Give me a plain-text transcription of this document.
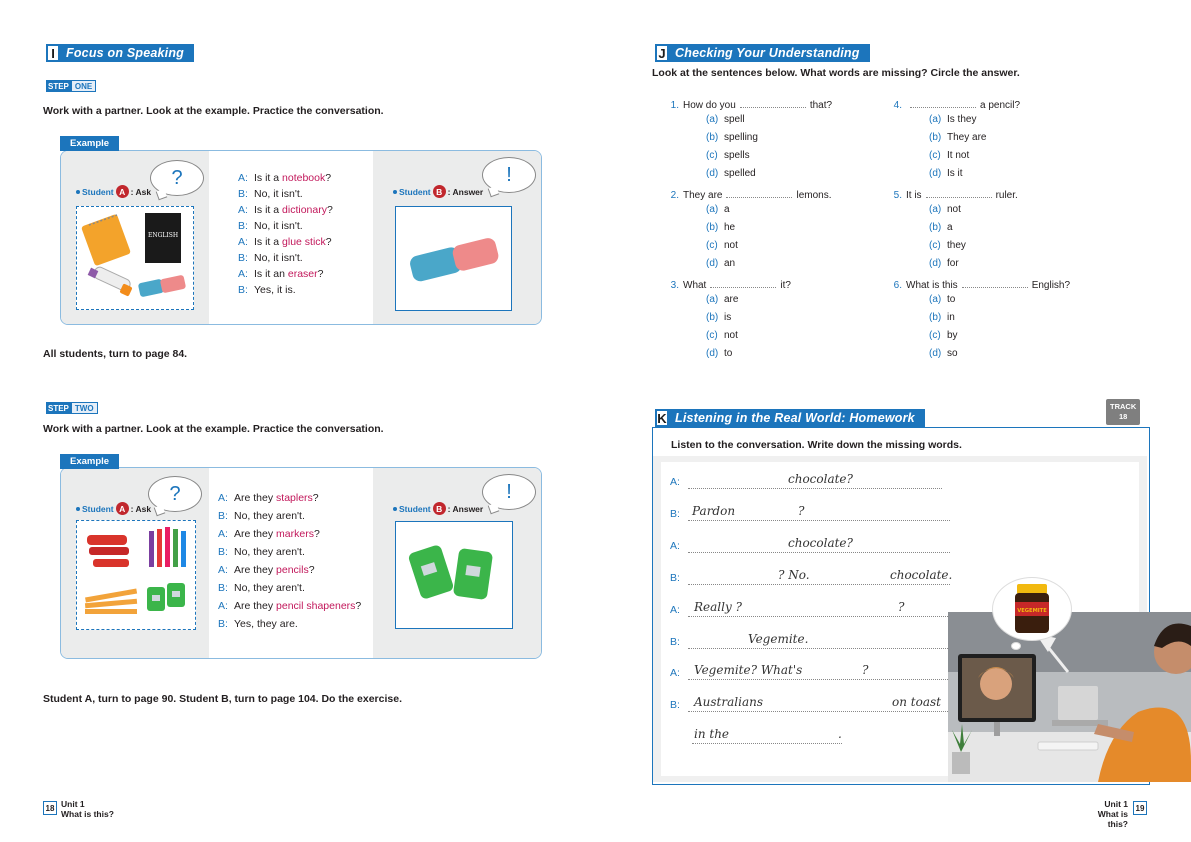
I Focus on Speaking
STEP ONE
Work with a partner. Look at the example. Practice the conversation.
Example
?
Student A : Ask
ENGLISH
A: Is it a notebook?
B: No, it isn't.
A: Is it a dictionary?
B: No, it isn't.
A: Is it a glue stick?
B: No, it isn't.
A: Is it an eraser?
B: Yes, it is.
!
Student B : Answer
All students, turn to page 84.
STEP TWO
Work with a partner. Look at the example. Practice the conversation.
Example
?
Student A : Ask
A: Are they staplers?
B: No, they aren't.
A: Are they markers?
B: No, they aren't.
A: Are they pencils?
B: No, they aren't.
A: Are they pencil shapeners?
B: Yes, they are.
!
Student B : Answer
Student A, turn to page 90. Student B, turn to page 104. Do the exercise.
18 Unit 1
What is this?
J Checking Your Understanding
Look at the sentences below. What words are missing? Circle the answer.
1. How do you	that?
(a) spell
(b) spelling
(c) spells
(d) spelled
2. They are	lemons.
(a) a
(b) he
(c) not
(d) an
3. What	it?
(a) are
(b) is
(c) not
(d) to
4.	a pencil?
(a) Is they
(b) They are
(c) It not
(d) Is it
5. It is	ruler.
(a) not
(b) a
(c) they
(d) for
6. What is this	English?
(a) to
(b) in
(c) by
(d) so
K Listening in the Real World: Homework
TRACK
18
Listen to the conversation. Write down the missing words.
A:	chocolate?
B: Pardon	?
A:	chocolate?
B:	? No.	chocolate.
A: Really ?	?
B:	Vegemite.
A: Vegemite? What's	?
B: Australians	on toast
in the	.
VEGEMITE
Unit 1
What is this?
19
